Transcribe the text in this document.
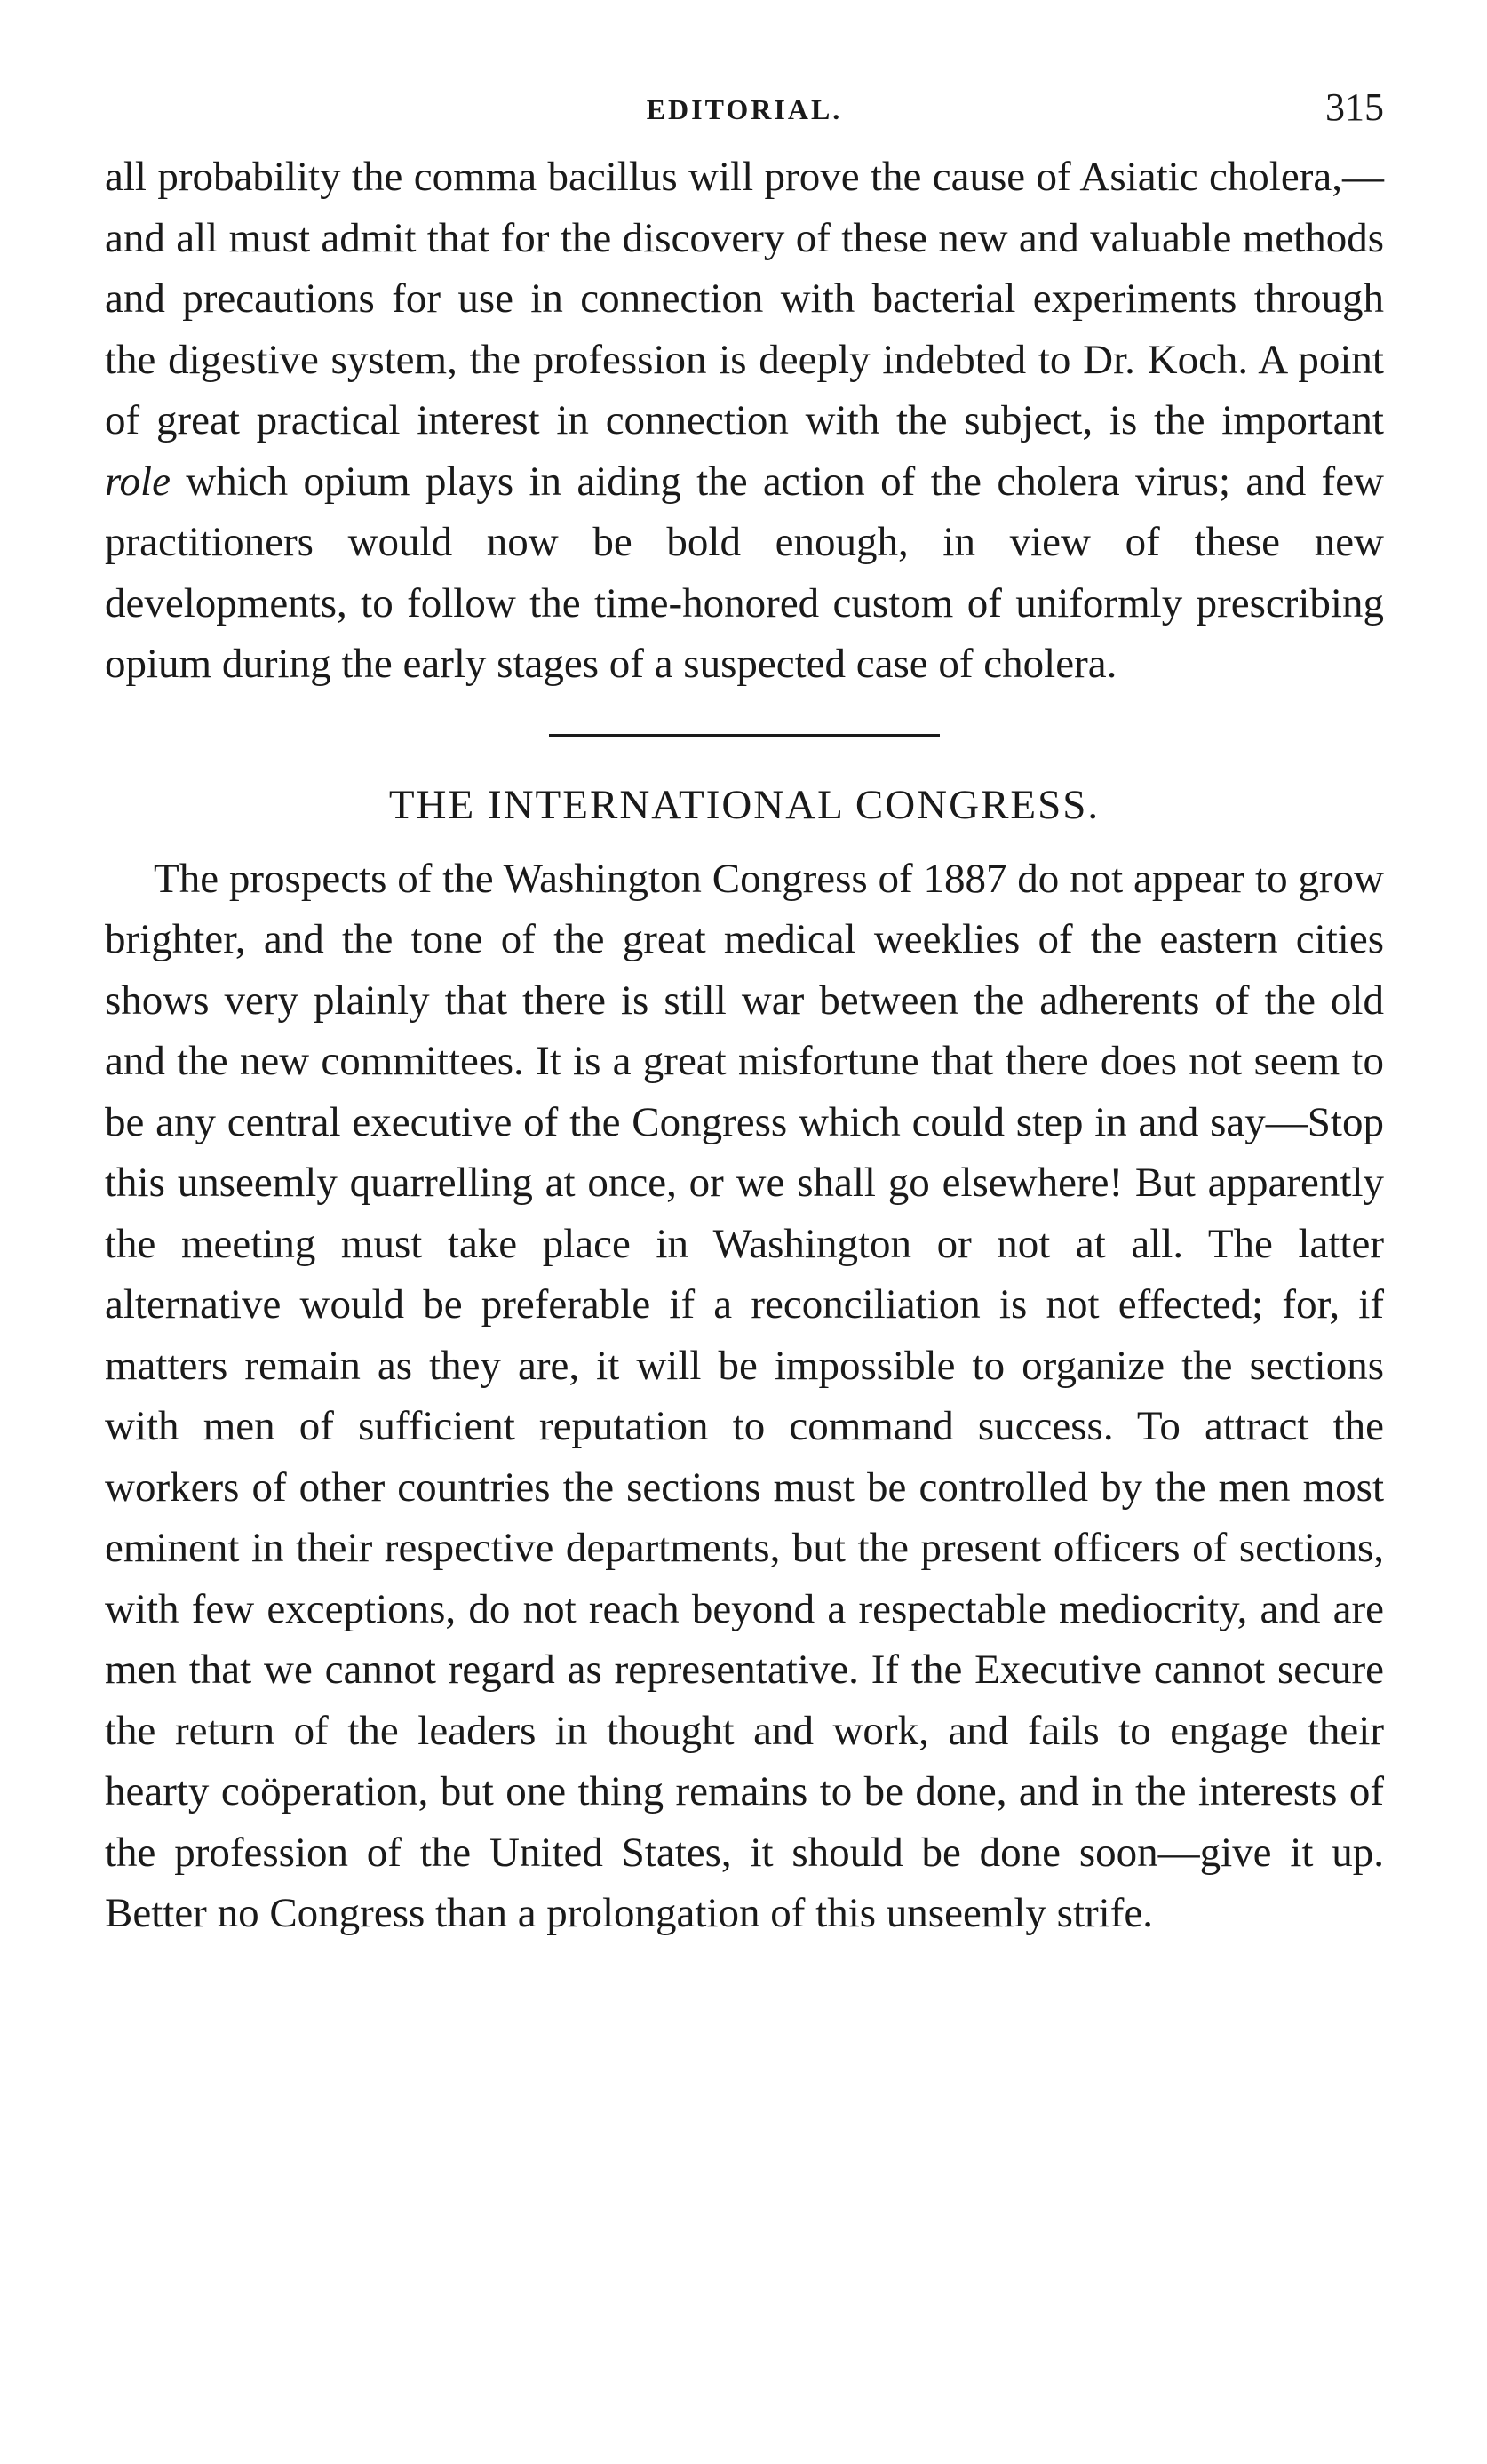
EDITORIAL.	315

all probability the comma bacillus will prove the cause of Asiatic cholera,—and all must admit that for the discovery of these new and valuable methods and precautions for use in connection with bacterial experiments through the digestive system, the profession is deeply indebted to Dr. Koch. A point of great practical interest in connection with the subject, is the important role which opium plays in aiding the action of the cholera virus; and few practitioners would now be bold enough, in view of these new developments, to follow the time-honored custom of uniformly prescribing opium during the early stages of a suspected case of cholera.

THE INTERNATIONAL CONGRESS.

The prospects of the Washington Congress of 1887 do not appear to grow brighter, and the tone of the great medical weeklies of the eastern cities shows very plainly that there is still war between the adherents of the old and the new committees. It is a great misfortune that there does not seem to be any central executive of the Congress which could step in and say—Stop this unseemly quarrelling at once, or we shall go elsewhere! But apparently the meeting must take place in Washington or not at all. The latter alternative would be preferable if a reconciliation is not effected; for, if matters remain as they are, it will be impossible to organize the sections with men of sufficient reputation to command success. To attract the workers of other countries the sections must be controlled by the men most eminent in their respective departments, but the present officers of sections, with few exceptions, do not reach beyond a respectable mediocrity, and are men that we cannot regard as representative. If the Executive cannot secure the return of the leaders in thought and work, and fails to engage their hearty coöperation, but one thing remains to be done, and in the interests of the profession of the United States, it should be done soon—give it up. Better no Congress than a prolongation of this unseemly strife.
